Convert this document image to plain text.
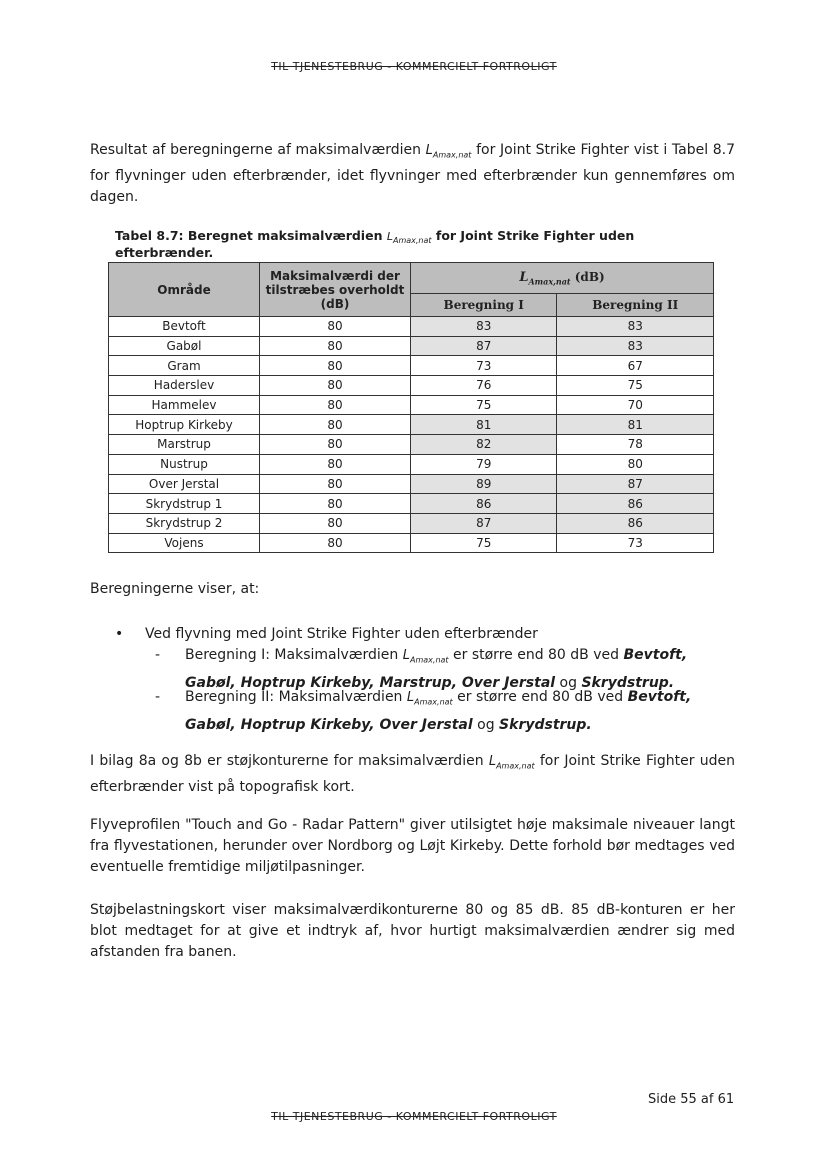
TIL TJENESTEBRUG - KOMMERCIELT FORTROLIGT
Resultat af beregningerne af maksimalværdien $L_{Amax,nat}$ for Joint Strike Fighter vist i Tabel 8.7 for flyvninger uden efterbrænder, idet flyvninger med efterbrænder kun gennemføres om dagen.
Tabel 8.7: Beregnet maksimalværdien $L_{Amax,nat}$ for Joint Strike Fighter uden efterbrænder.
Område	Maksimalværdi der tilstræbes overholdt (dB)	$L_{Amax,nat}$ (dB)	
		Beregning I	Beregning II
Bevtoft	80	83	83
Gabøl	80	87	83
Gram	80	73	67
Haderslev	80	76	75
Hammelev	80	75	70
Hoptrup Kirkeby	80	81	81
Marstrup	80	82	78
Nustrup	80	79	80
Over Jerstal	80	89	87
Skrydstrup 1	80	86	86
Skrydstrup 2	80	87	86
Vojens	80	75	73
Beregningerne viser, at:
• Ved flyvning med Joint Strike Fighter uden efterbrænder
- Beregning I: Maksimalværdien $L_{Amax,nat}$ er større end 80 dB ved Bevtoft, Gabøl, Hoptrup Kirkeby, Marstrup, Over Jerstal og Skrydstrup.
- Beregning II: Maksimalværdien $L_{Amax,nat}$ er større end 80 dB ved Bevtoft, Gabøl, Hoptrup Kirkeby, Over Jerstal og Skrydstrup.
I bilag 8a og 8b er støjkonturerne for maksimalværdien $L_{Amax,nat}$ for Joint Strike Fighter uden efterbrænder vist på topografisk kort.
Flyveprofilen "Touch and Go - Radar Pattern" giver utilsigtet høje maksimale niveauer langt fra flyvestationen, herunder over Nordborg og Løjt Kirkeby. Dette forhold bør medtages ved eventuelle fremtidige miljøtilpasninger.
Støjbelastningskort viser maksimalværdikonturerne 80 og 85 dB. 85 dB-konturen er her blot medtaget for at give et indtryk af, hvor hurtigt maksimalværdien ændrer sig med afstanden fra banen.
Side 55 af 61
TIL TJENESTEBRUG - KOMMERCIELT FORTROLIGT
